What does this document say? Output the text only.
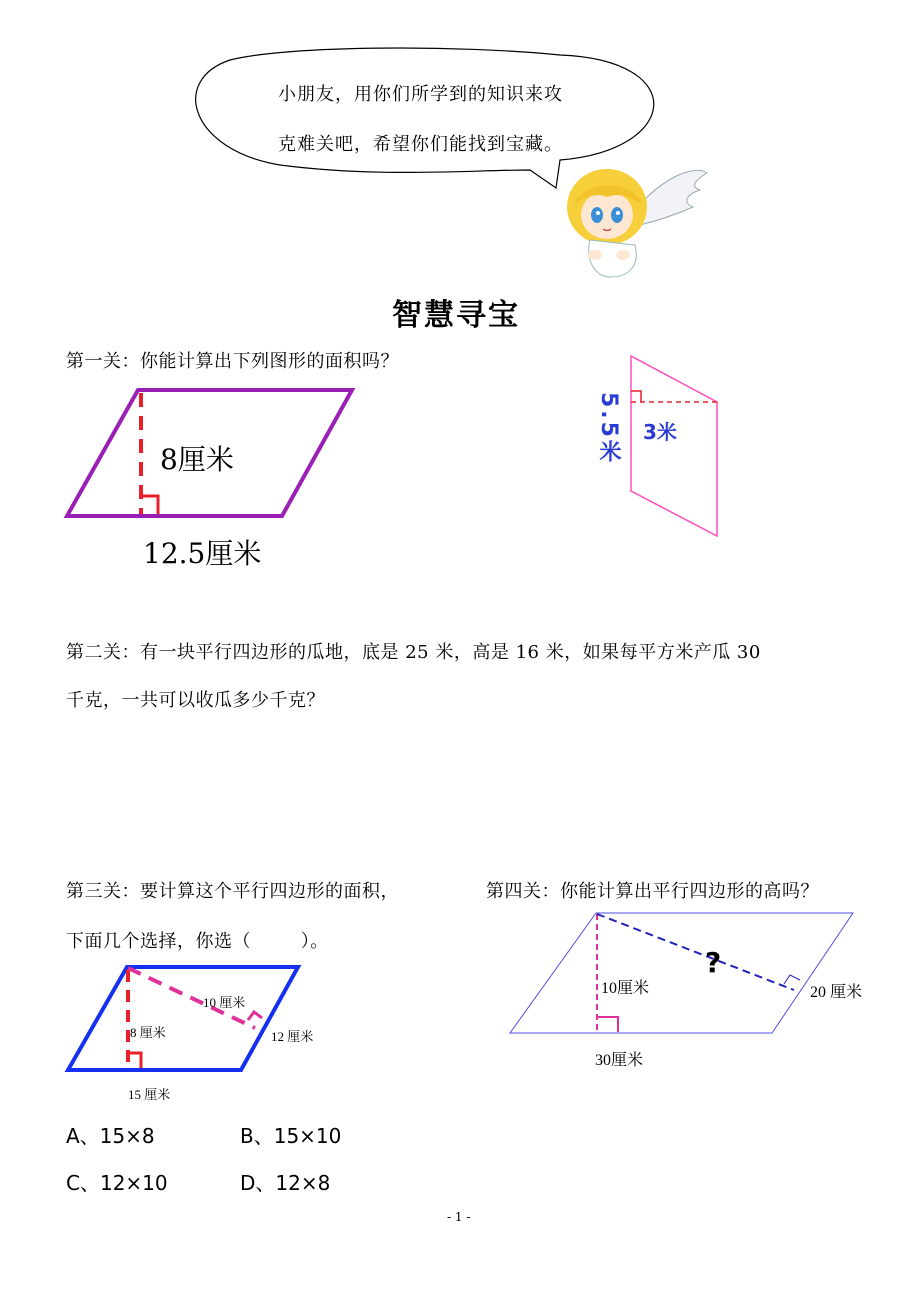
小朋友，用你们所学到的知识来攻
克难关吧，希望你们能找到宝藏。
智慧寻宝
第一关：你能计算出下列图形的面积吗？
8厘米
12.5厘米
5.5米 3米
第二关：有一块平行四边形的瓜地，底是 25 米，高是 16 米，如果每平方米产瓜 30
千克，一共可以收瓜多少千克？
第三关：要计算这个平行四边形的面积，
下面几个选择，你选（        ）。
10 厘米
8 厘米	12 厘米
15 厘米
A、15×8	B、15×10
C、12×10	D、12×8
第四关：你能计算出平行四边形的高吗？
?
10厘米	20 厘米
30厘米
- 1 -
